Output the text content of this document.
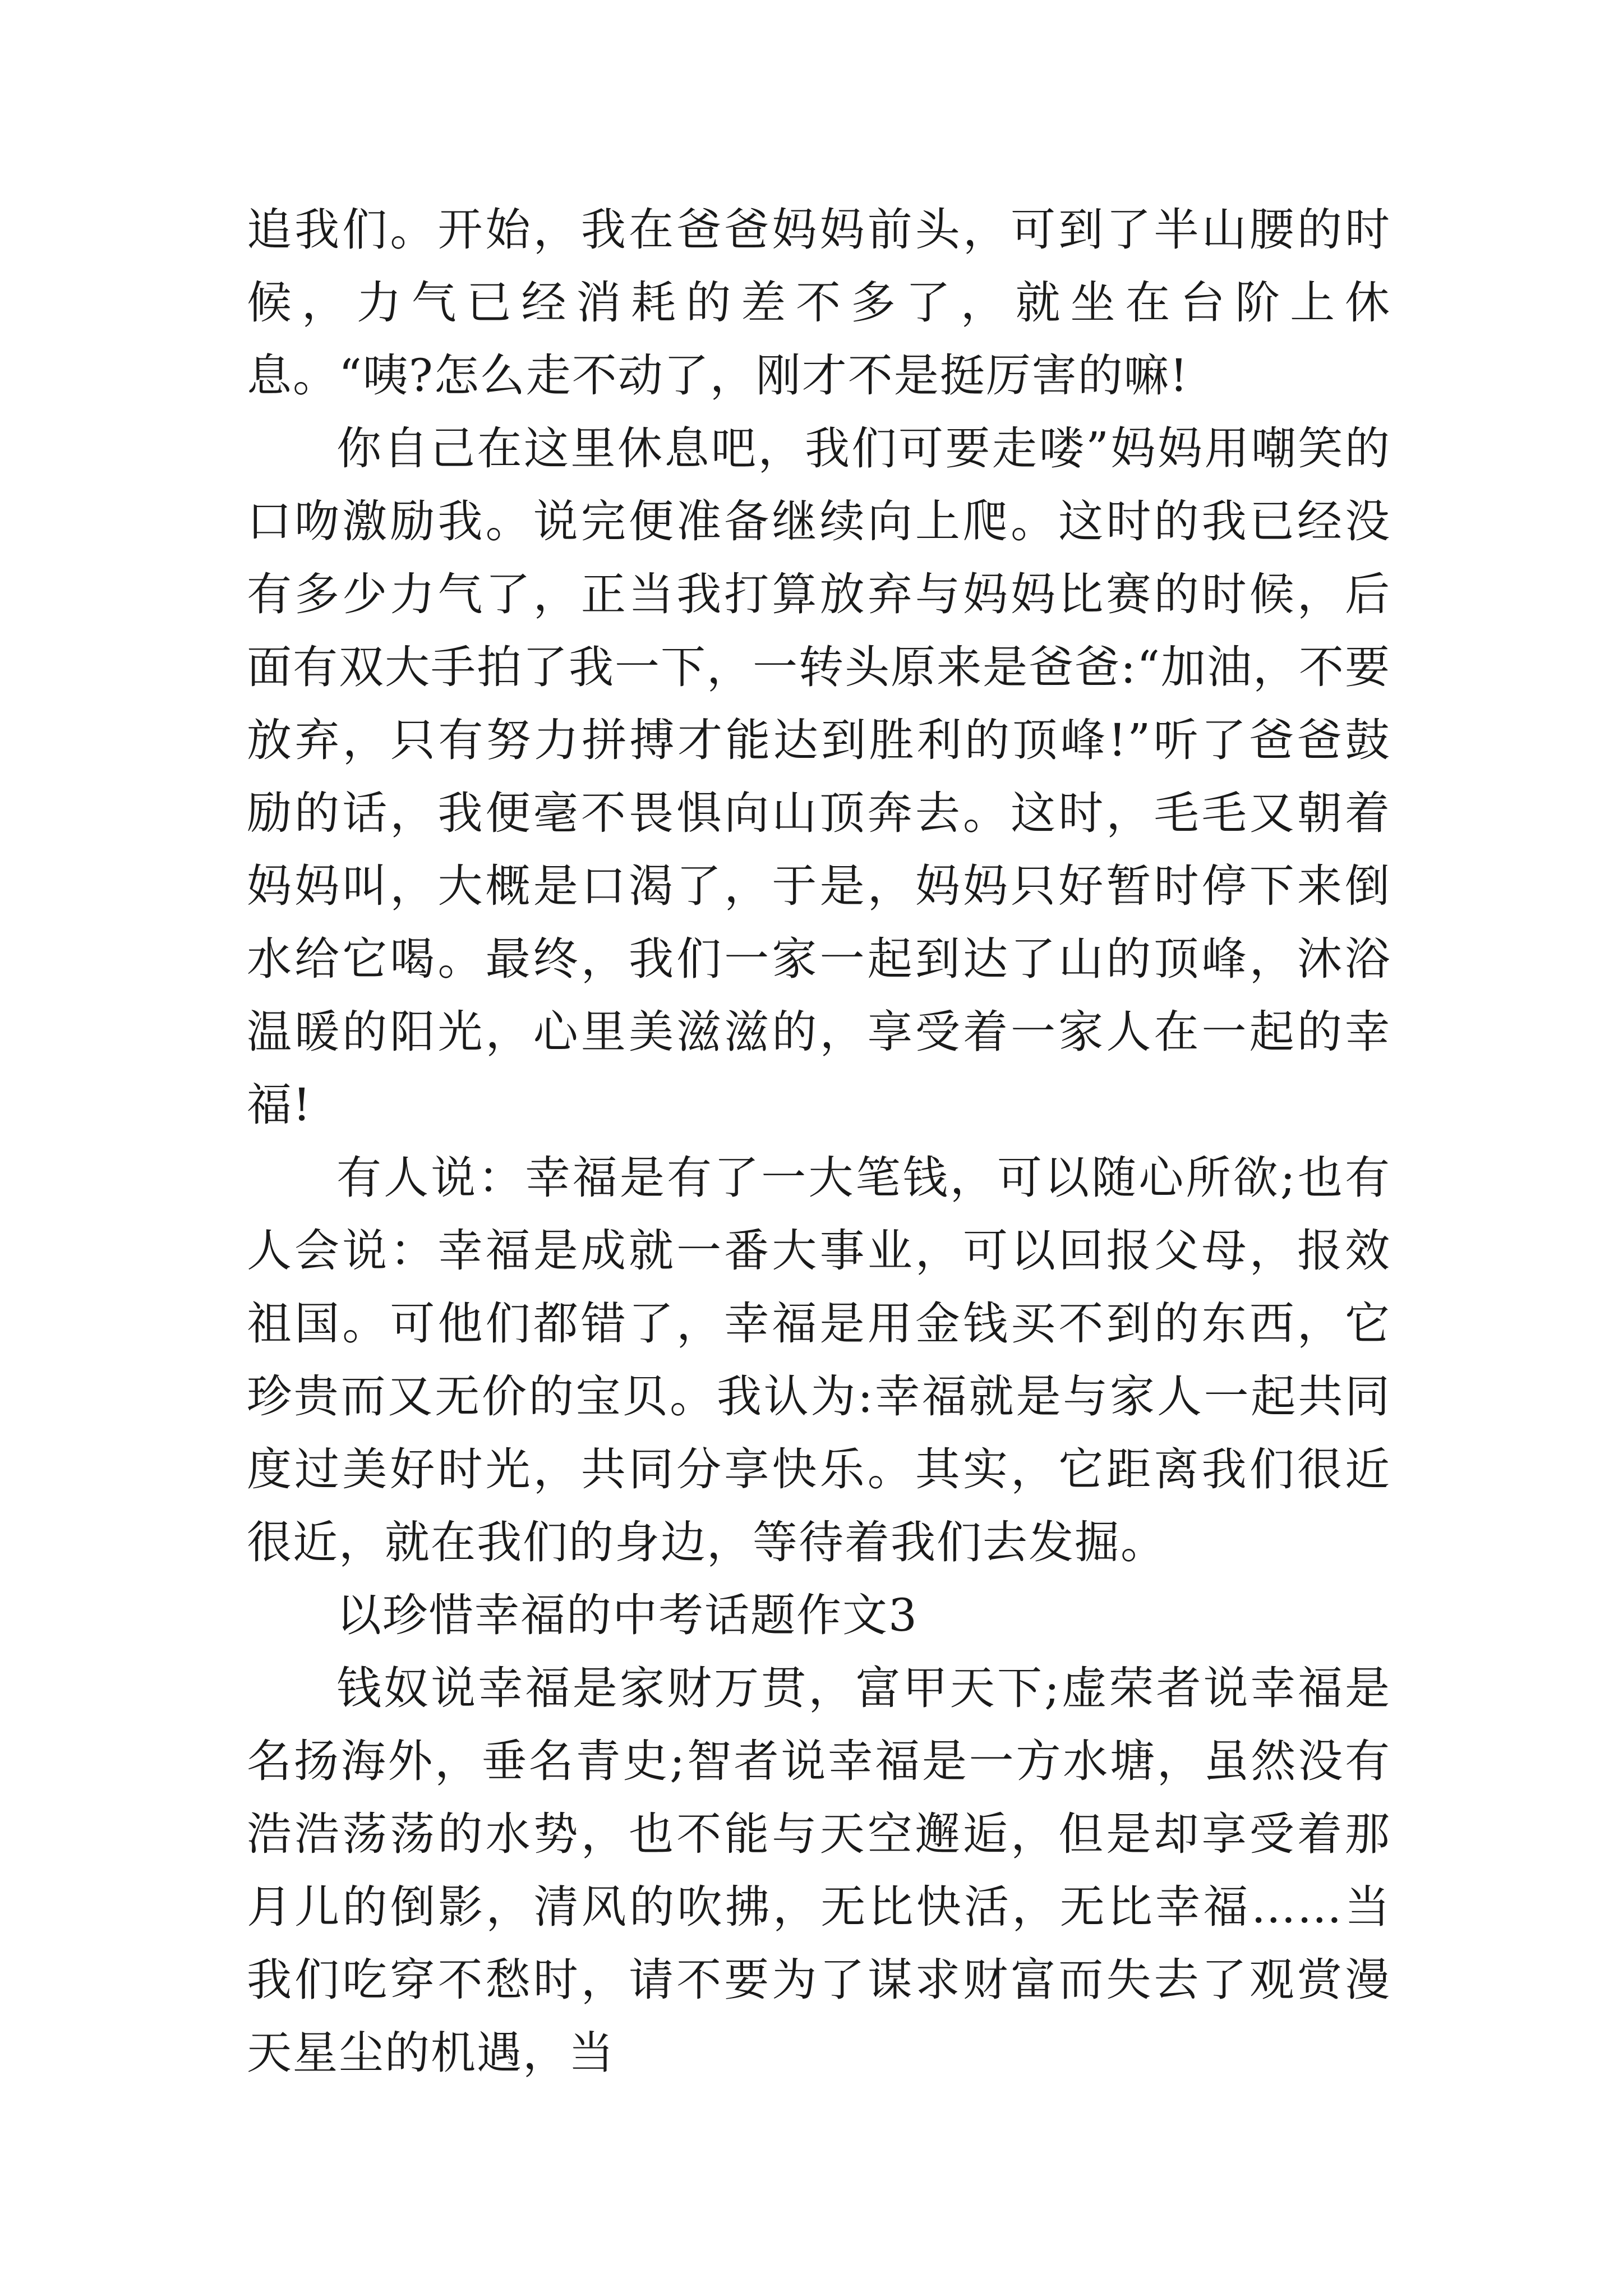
追我们。开始，我在爸爸妈妈前头，可到了半山腰的时候，力气已经消耗的差不多了，就坐在台阶上休息。“咦?怎么走不动了，刚才不是挺厉害的嘛!

你自己在这里休息吧，我们可要走喽”妈妈用嘲笑的口吻激励我。说完便准备继续向上爬。这时的我已经没有多少力气了，正当我打算放弃与妈妈比赛的时候，后面有双大手拍了我一下，一转头原来是爸爸:“加油，不要放弃，只有努力拼搏才能达到胜利的顶峰!”听了爸爸鼓励的话，我便毫不畏惧向山顶奔去。这时，毛毛又朝着妈妈叫，大概是口渴了，于是，妈妈只好暂时停下来倒水给它喝。最终，我们一家一起到达了山的顶峰，沐浴温暖的阳光，心里美滋滋的，享受着一家人在一起的幸福!

有人说：幸福是有了一大笔钱，可以随心所欲;也有人会说：幸福是成就一番大事业，可以回报父母，报效祖国。可他们都错了，幸福是用金钱买不到的东西，它珍贵而又无价的宝贝。我认为:幸福就是与家人一起共同度过美好时光，共同分享快乐。其实，它距离我们很近很近，就在我们的身边，等待着我们去发掘。

以珍惜幸福的中考话题作文3

钱奴说幸福是家财万贯，富甲天下;虚荣者说幸福是名扬海外，垂名青史;智者说幸福是一方水塘，虽然没有浩浩荡荡的水势，也不能与天空邂逅，但是却享受着那月儿的倒影，清风的吹拂，无比快活，无比幸福……当我们吃穿不愁时，请不要为了谋求财富而失去了观赏漫天星尘的机遇，当
